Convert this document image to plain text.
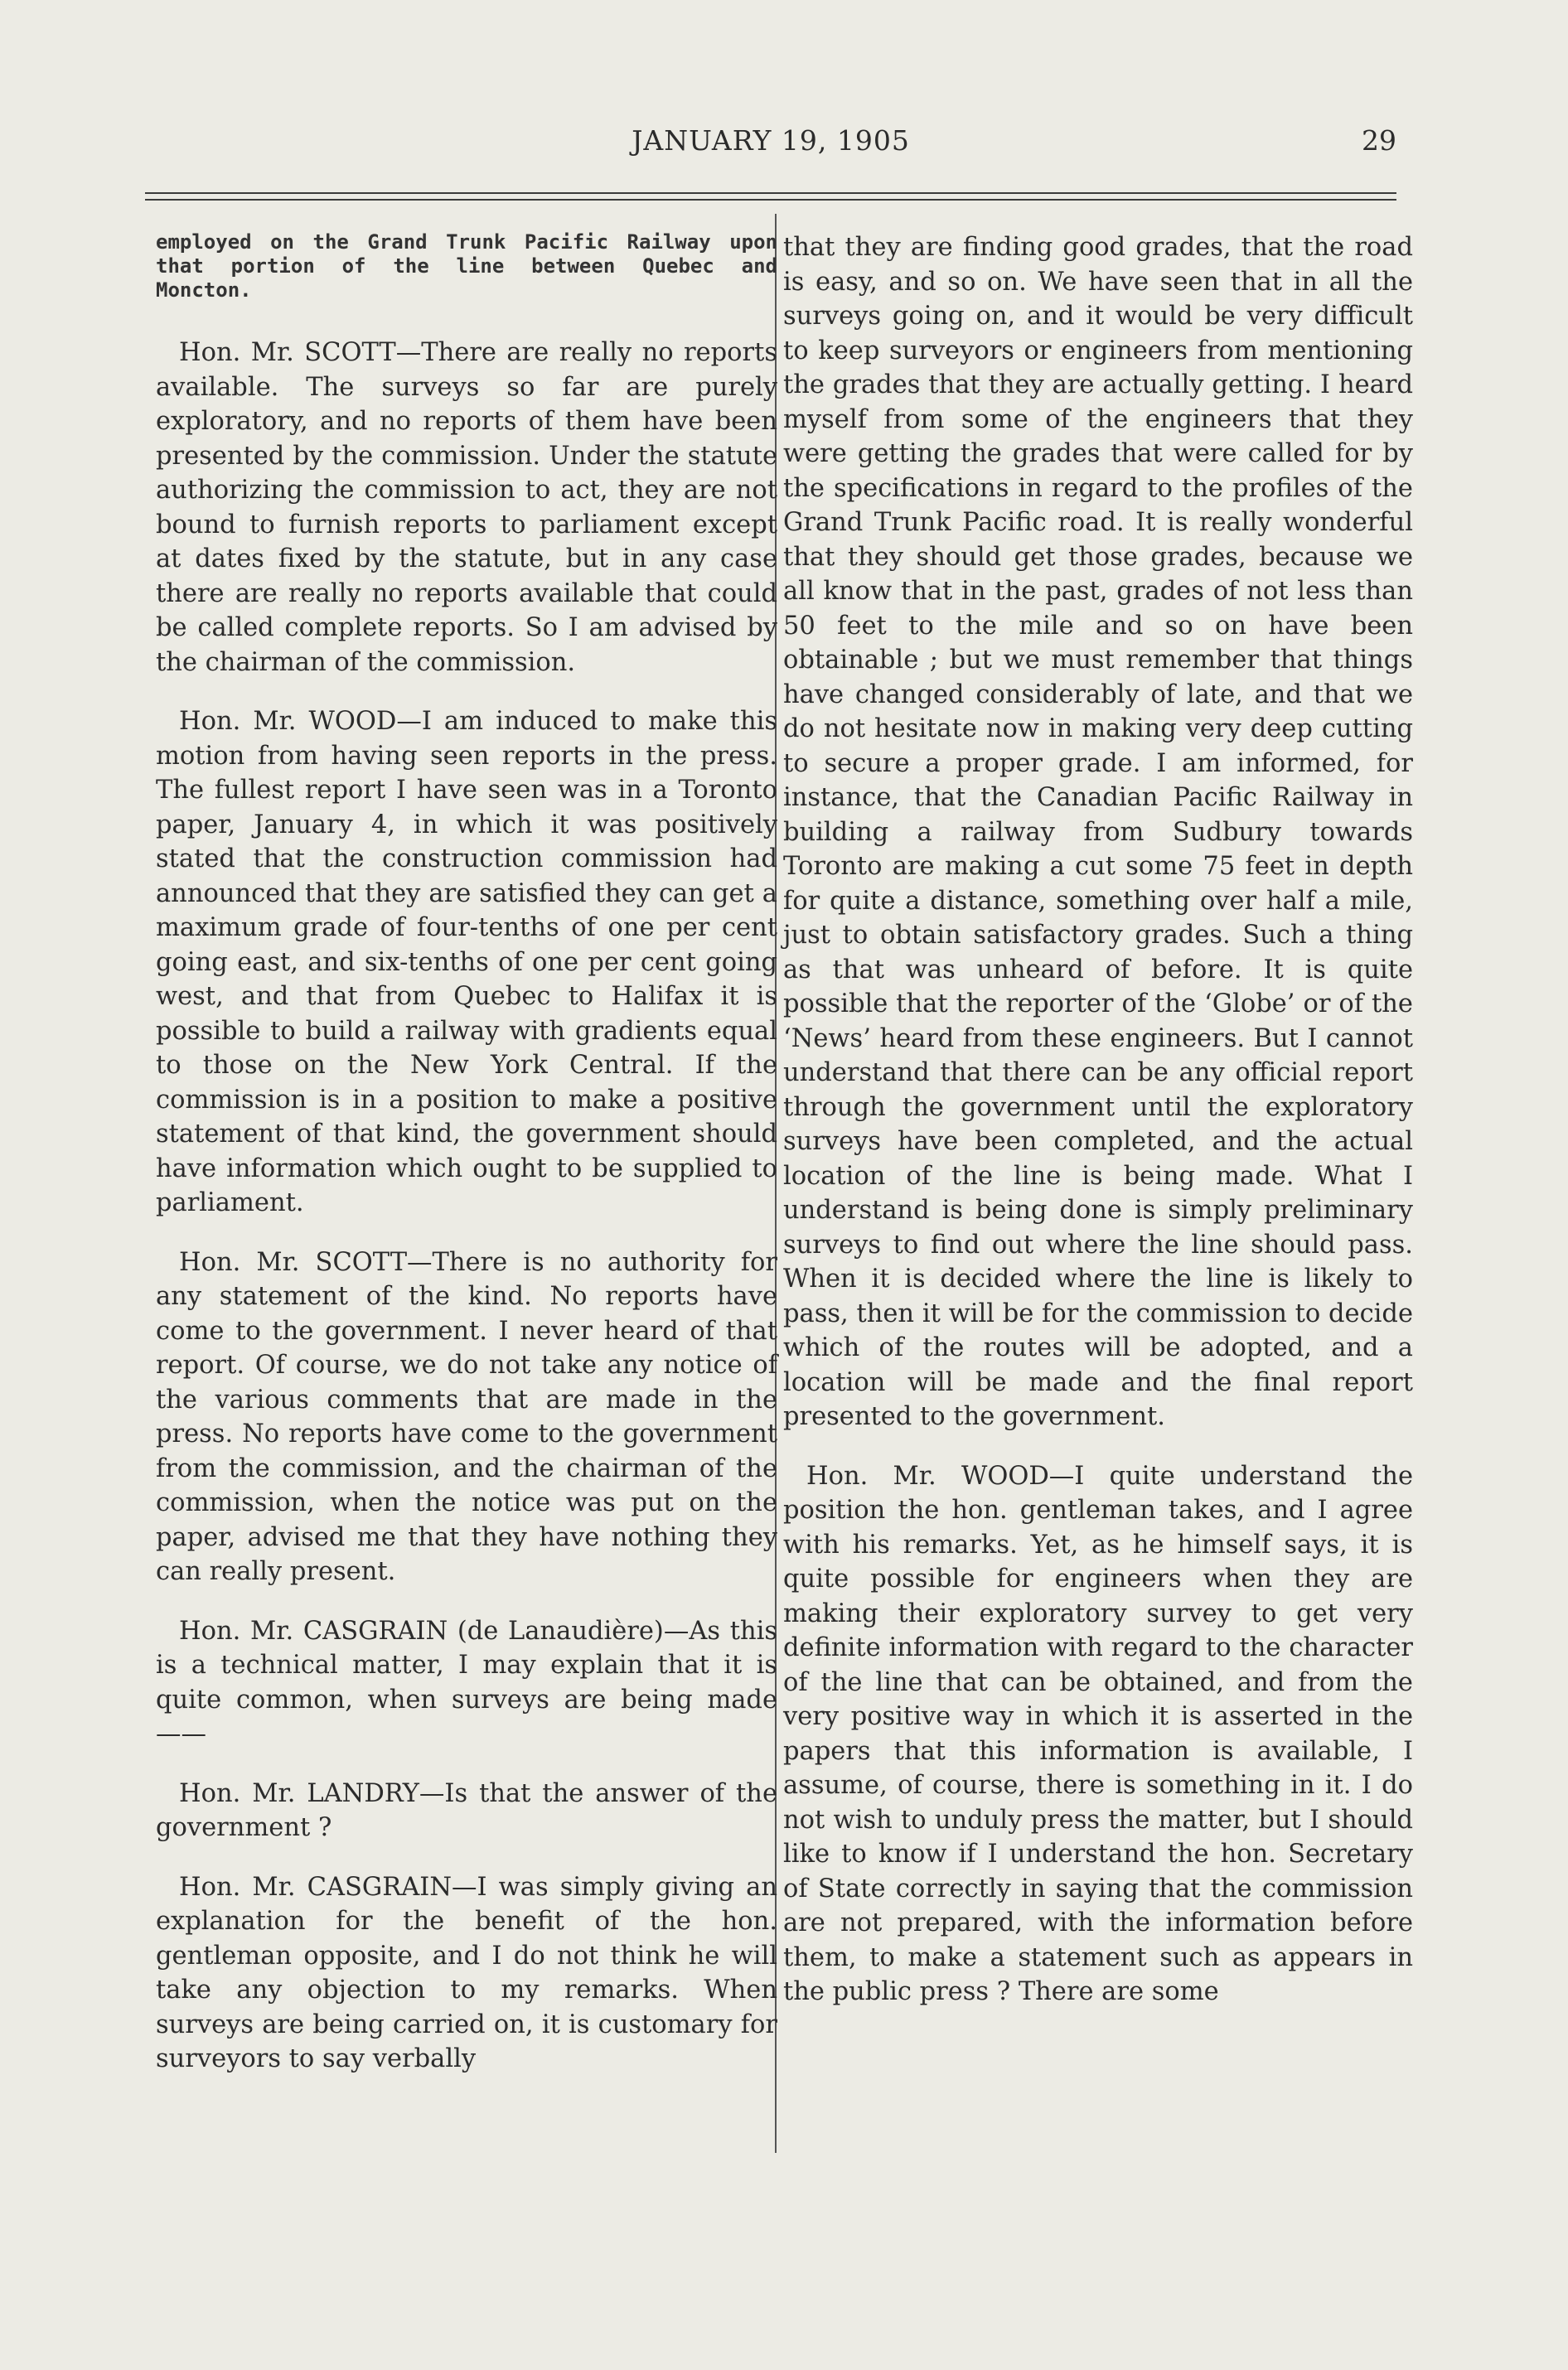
JANUARY 19, 1905	29

employed on the Grand Trunk Pacific Railway upon that portion of the line between Quebec and Moncton.

Hon. Mr. SCOTT—There are really no reports available. The surveys so far are purely exploratory, and no reports of them have been presented by the commission. Under the statute authorizing the commission to act, they are not bound to furnish reports to parliament except at dates fixed by the statute, but in any case there are really no reports available that could be called complete reports. So I am advised by the chairman of the commission.

Hon. Mr. WOOD—I am induced to make this motion from having seen reports in the press. The fullest report I have seen was in a Toronto paper, January 4, in which it was positively stated that the construction commission had announced that they are satisfied they can get a maximum grade of four-tenths of one per cent going east, and six-tenths of one per cent going west, and that from Quebec to Halifax it is possible to build a railway with gradients equal to those on the New York Central. If the commission is in a position to make a positive statement of that kind, the government should have information which ought to be supplied to parliament.

Hon. Mr. SCOTT—There is no authority for any statement of the kind. No reports have come to the government. I never heard of that report. Of course, we do not take any notice of the various comments that are made in the press. No reports have come to the government from the commission, and the chairman of the commission, when the notice was put on the paper, advised me that they have nothing they can really present.

Hon. Mr. CASGRAIN (de Lanaudière)—As this is a technical matter, I may explain that it is quite common, when surveys are being made——

Hon. Mr. LANDRY—Is that the answer of the government ?

Hon. Mr. CASGRAIN—I was simply giving an explanation for the benefit of the hon. gentleman opposite, and I do not think he will take any objection to my remarks. When surveys are being carried on, it is customary for surveyors to say verbally

that they are finding good grades, that the road is easy, and so on. We have seen that in all the surveys going on, and it would be very difficult to keep surveyors or engineers from mentioning the grades that they are actually getting. I heard myself from some of the engineers that they were getting the grades that were called for by the specifications in regard to the profiles of the Grand Trunk Pacific road. It is really wonderful that they should get those grades, because we all know that in the past, grades of not less than 50 feet to the mile and so on have been obtainable ; but we must remember that things have changed considerably of late, and that we do not hesitate now in making very deep cutting to secure a proper grade. I am informed, for instance, that the Canadian Pacific Railway in building a railway from Sudbury towards Toronto are making a cut some 75 feet in depth for quite a distance, something over half a mile, just to obtain satisfactory grades. Such a thing as that was unheard of before. It is quite possible that the reporter of the ‘Globe’ or of the ‘News’ heard from these engineers. But I cannot understand that there can be any official report through the government until the exploratory surveys have been completed, and the actual location of the line is being made. What I understand is being done is simply preliminary surveys to find out where the line should pass. When it is decided where the line is likely to pass, then it will be for the commission to decide which of the routes will be adopted, and a location will be made and the final report presented to the government.

Hon. Mr. WOOD—I quite understand the position the hon. gentleman takes, and I agree with his remarks. Yet, as he himself says, it is quite possible for engineers when they are making their exploratory survey to get very definite information with regard to the character of the line that can be obtained, and from the very positive way in which it is asserted in the papers that this information is available, I assume, of course, there is something in it. I do not wish to unduly press the matter, but I should like to know if I understand the hon. Secretary of State correctly in saying that the commission are not prepared, with the information before them, to make a statement such as appears in the public press ? There are some
